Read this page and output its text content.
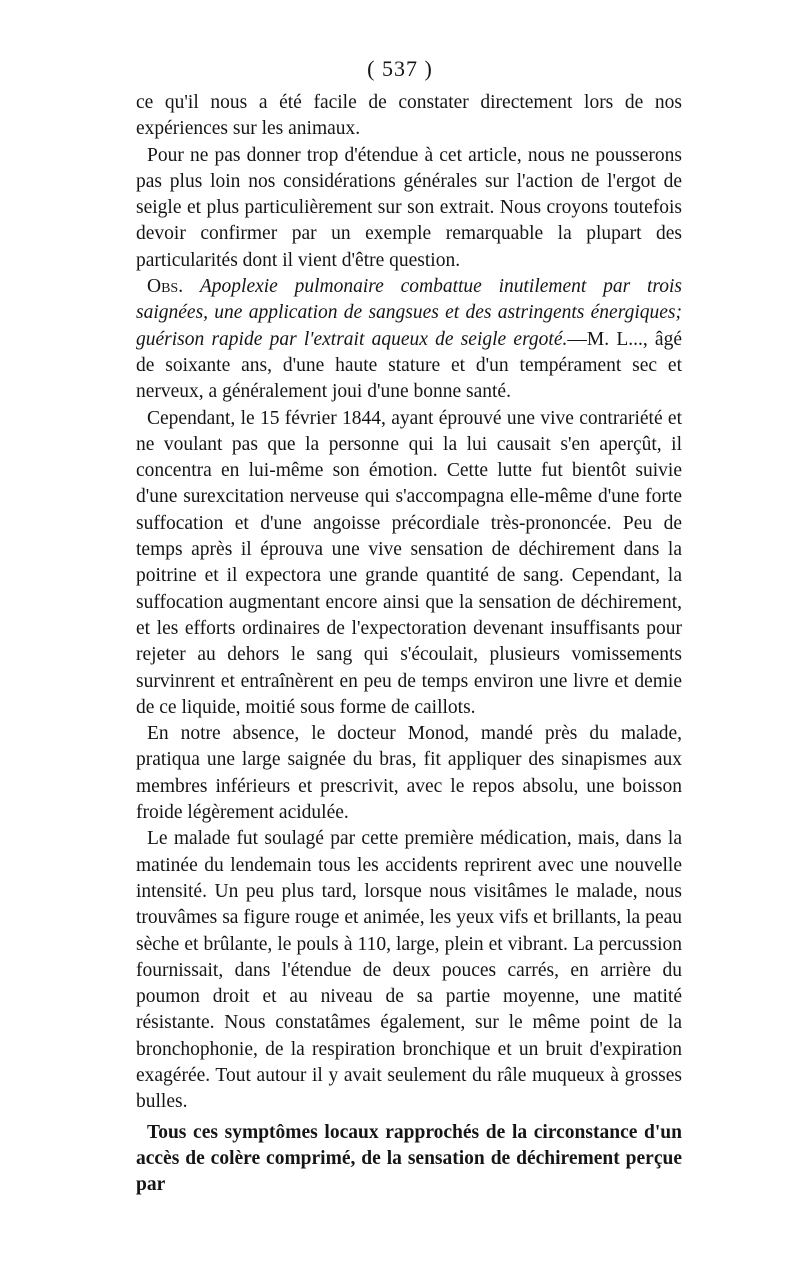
( 537 )

ce qu'il nous a été facile de constater directement lors de nos expériences sur les animaux.

Pour ne pas donner trop d'étendue à cet article, nous ne pousserons pas plus loin nos considérations générales sur l'action de l'ergot de seigle et plus particulièrement sur son extrait. Nous croyons toutefois devoir confirmer par un exemple remarquable la plupart des particularités dont il vient d'être question.

Obs. Apoplexie pulmonaire combattue inutilement par trois saignées, une application de sangsues et des astringents énergiques; guérison rapide par l'extrait aqueux de seigle ergoté.—M. L..., âgé de soixante ans, d'une haute stature et d'un tempérament sec et nerveux, a généralement joui d'une bonne santé.

Cependant, le 15 février 1844, ayant éprouvé une vive contrariété et ne voulant pas que la personne qui la lui causait s'en aperçût, il concentra en lui-même son émotion. Cette lutte fut bientôt suivie d'une surexcitation nerveuse qui s'accompagna elle-même d'une forte suffocation et d'une angoisse précordiale très-prononcée. Peu de temps après il éprouva une vive sensation de déchirement dans la poitrine et il expectora une grande quantité de sang. Cependant, la suffocation augmentant encore ainsi que la sensation de déchirement, et les efforts ordinaires de l'expectoration devenant insuffisants pour rejeter au dehors le sang qui s'écoulait, plusieurs vomissements survinrent et entraînèrent en peu de temps environ une livre et demie de ce liquide, moitié sous forme de caillots.

En notre absence, le docteur Monod, mandé près du malade, pratiqua une large saignée du bras, fit appliquer des sinapismes aux membres inférieurs et prescrivit, avec le repos absolu, une boisson froide légèrement acidulée.

Le malade fut soulagé par cette première médication, mais, dans la matinée du lendemain tous les accidents reprirent avec une nouvelle intensité. Un peu plus tard, lorsque nous visitâmes le malade, nous trouvâmes sa figure rouge et animée, les yeux vifs et brillants, la peau sèche et brûlante, le pouls à 110, large, plein et vibrant. La percussion fournissait, dans l'étendue de deux pouces carrés, en arrière du poumon droit et au niveau de sa partie moyenne, une matité résistante. Nous constatâmes également, sur le même point de la bronchophonie, de la respiration bronchique et un bruit d'expiration exagérée. Tout autour il y avait seulement du râle muqueux à grosses bulles.

Tous ces symptômes locaux rapprochés de la circonstance d'un accès de colère comprimé, de la sensation de déchirement perçue par
